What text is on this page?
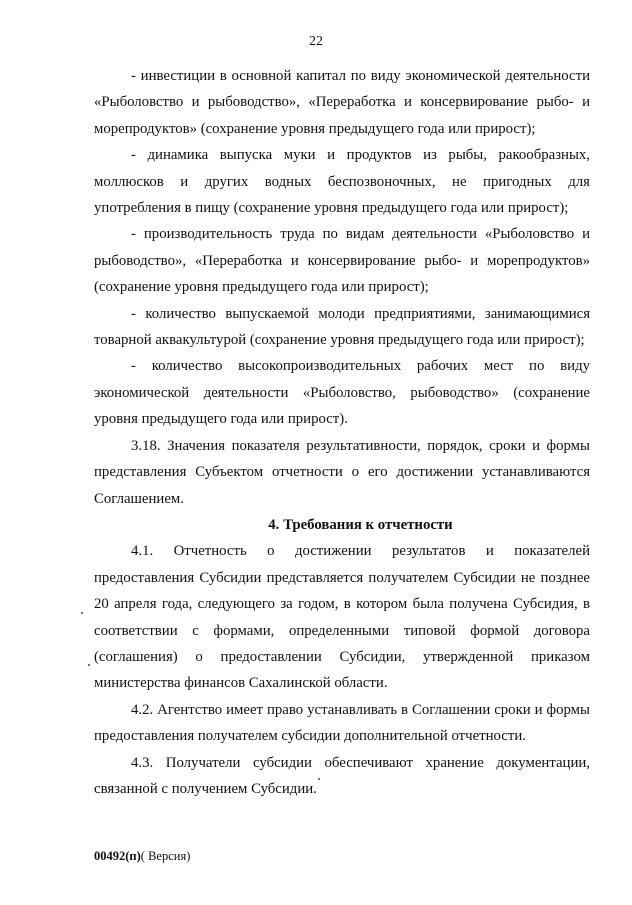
22

- инвестиции в основной капитал по виду экономической деятельности «Рыболовство и рыбоводство», «Переработка и консервирование рыбо- и морепродуктов» (сохранение уровня предыдущего года или прирост);

- динамика выпуска муки и продуктов из рыбы, ракообразных, моллюсков и других водных беспозвоночных, не пригодных для употребления в пищу (сохранение уровня предыдущего года или прирост);

- производительность труда по видам деятельности «Рыболовство и рыбоводство», «Переработка и консервирование рыбо- и морепродуктов» (сохранение уровня предыдущего года или прирост);

- количество выпускаемой молоди предприятиями, занимающимися товарной аквакультурой (сохранение уровня предыдущего года или прирост);

- количество высокопроизводительных рабочих мест по виду экономической деятельности «Рыболовство, рыбоводство» (сохранение уровня предыдущего года или прирост).

3.18. Значения показателя результативности, порядок, сроки и формы представления Субъектом отчетности о его достижении устанавливаются Соглашением.

4. Требования к отчетности

4.1. Отчетность о достижении результатов и показателей предоставления Субсидии представляется получателем Субсидии не позднее 20 апреля года, следующего за годом, в котором была получена Субсидия, в соответствии с формами, определенными типовой формой договора (соглашения) о предоставлении Субсидии, утвержденной приказом министерства финансов Сахалинской области.

4.2. Агентство имеет право устанавливать в Соглашении сроки и формы предоставления получателем субсидии дополнительной отчетности.

4.3. Получатели субсидии обеспечивают хранение документации, связанной с получением Субсидии.

00492(п)( Версия)
